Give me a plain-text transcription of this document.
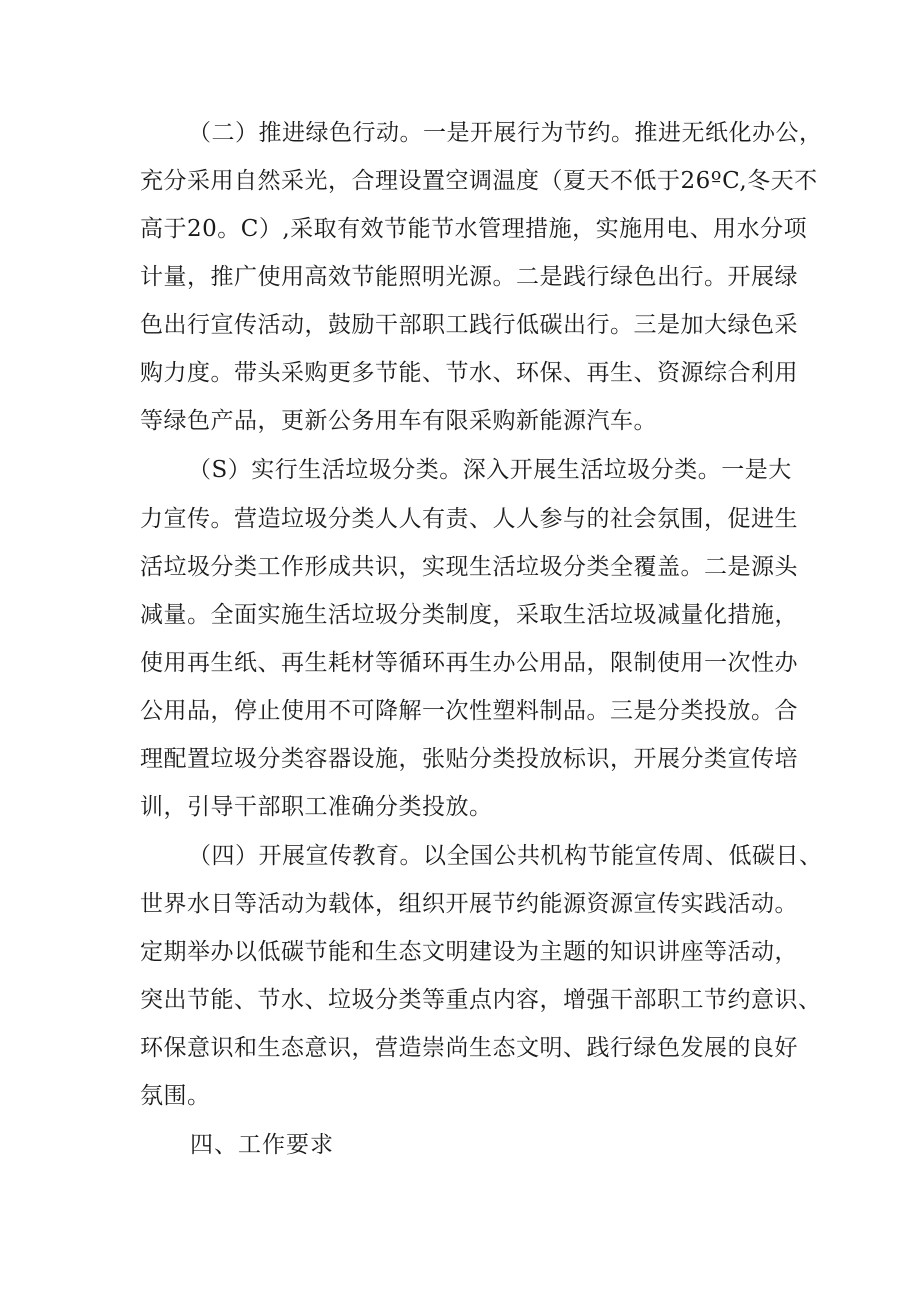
（二）推进绿色行动。一是开展行为节约。推进无纸化办公，
充分采用自然采光，合理设置空调温度（夏天不低于26ºC,冬天不
高于20。C）,采取有效节能节水管理措施，实施用电、用水分项
计量，推广使用高效节能照明光源。二是践行绿色出行。开展绿
色出行宣传活动，鼓励干部职工践行低碳出行。三是加大绿色采
购力度。带头采购更多节能、节水、环保、再生、资源综合利用
等绿色产品，更新公务用车有限采购新能源汽车。
（S）实行生活垃圾分类。深入开展生活垃圾分类。一是大
力宣传。营造垃圾分类人人有责、人人参与的社会氛围，促进生
活垃圾分类工作形成共识，实现生活垃圾分类全覆盖。二是源头
减量。全面实施生活垃圾分类制度，采取生活垃圾减量化措施，
使用再生纸、再生耗材等循环再生办公用品，限制使用一次性办
公用品，停止使用不可降解一次性塑料制品。三是分类投放。合
理配置垃圾分类容器设施，张贴分类投放标识，开展分类宣传培
训，引导干部职工准确分类投放。
（四）开展宣传教育。以全国公共机构节能宣传周、低碳日、
世界水日等活动为载体，组织开展节约能源资源宣传实践活动。
定期举办以低碳节能和生态文明建设为主题的知识讲座等活动，
突出节能、节水、垃圾分类等重点内容，增强干部职工节约意识、
环保意识和生态意识，营造崇尚生态文明、践行绿色发展的良好
氛围。
四、工作要求
